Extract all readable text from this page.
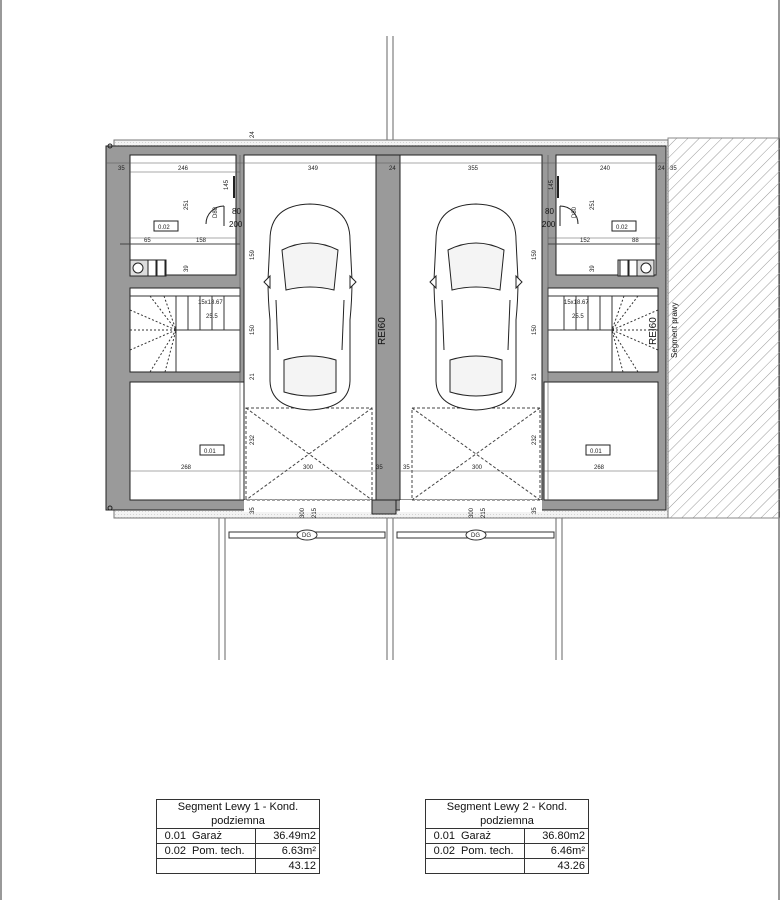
Segment prawy
REI60
DG	DG
D80	D80
15x18.67
25.5
15x18.67
25.5
REI60
0.02
0.01
0.02
0.01
35	246	349	24	355	240	24 35
80
200
80
200
300 215	300 215
268	268
300	300
35	35
65	158	152	88
145	145
251	251
159	159
150	150
21	21
232	232
39	39
24
35	35
Segment Lewy 1 - Kond. podziemna		
0.01	Garaż	36.49m2
0.02	Pom. tech.	6.63m²
		43.12
Segment Lewy 2 - Kond. podziemna		
0.01	Garaż	36.80m2
0.02	Pom. tech.	6.46m²
		43.26
